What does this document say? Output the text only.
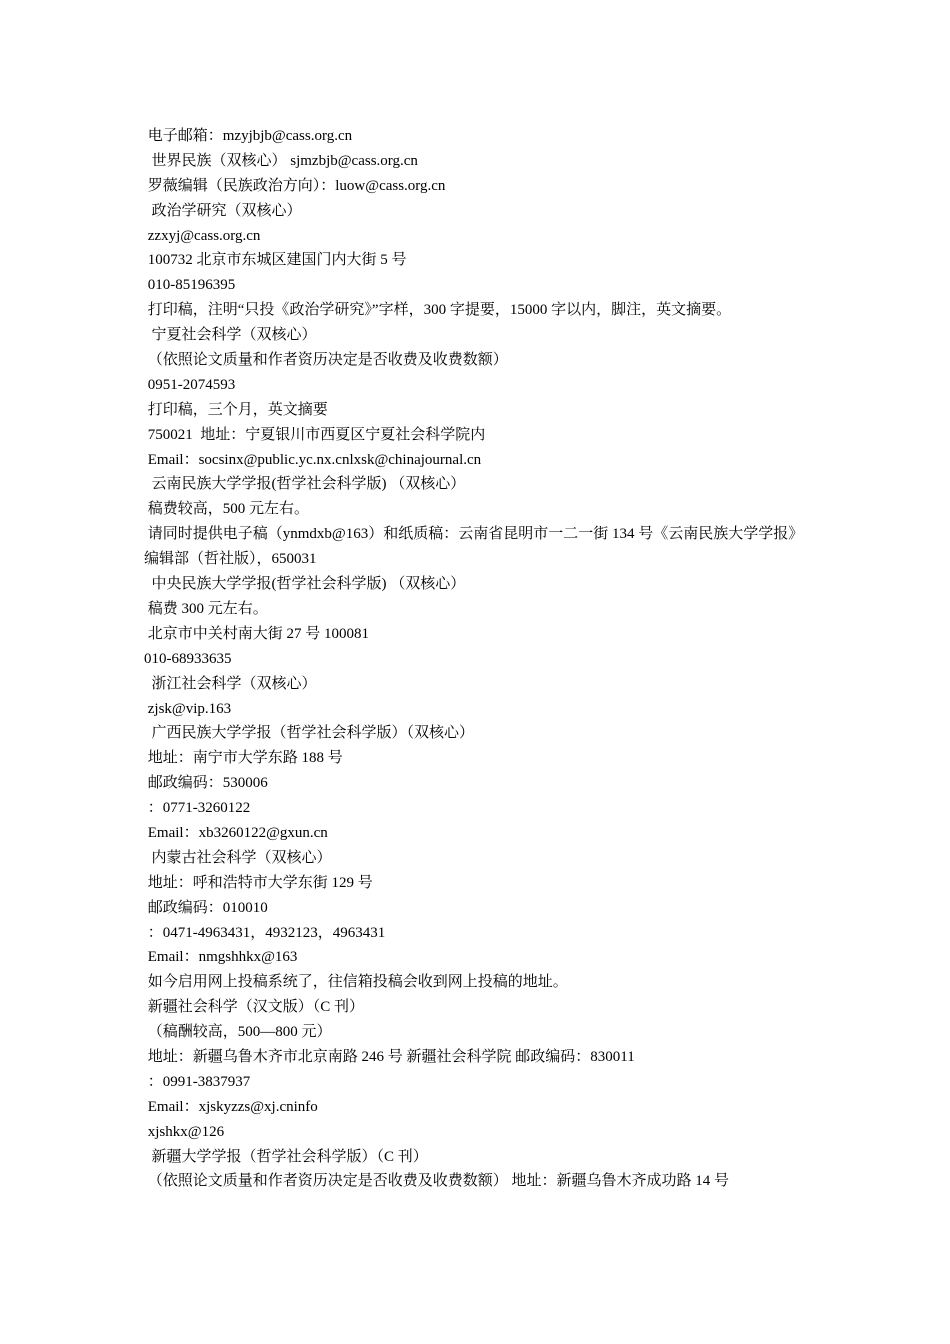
电子邮箱：mzyjbjb@cass.org.cn
世界民族（双核心） sjmzbjb@cass.org.cn
罗薇编辑（民族政治方向）：luow@cass.org.cn
政治学研究（双核心）
zzxyj@cass.org.cn
100732 北京市东城区建国门内大街 5 号
010-85196395
打印稿，注明“只投《政治学研究》”字样，300 字提要，15000 字以内，脚注，英文摘要。
宁夏社会科学（双核心）
（依照论文质量和作者资历决定是否收费及收费数额）
0951-2074593
打印稿，三个月，英文摘要
750021  地址：宁夏银川市西夏区宁夏社会科学院内
Email：socsinx@public.yc.nx.cnlxsk@chinajournal.cn
云南民族大学学报(哲学社会科学版) （双核心）
稿费较高，500 元左右。
请同时提供电子稿（ynmdxb@163）和纸质稿：云南省昆明市一二一街 134 号《云南民族大学学报》编辑部（哲社版），650031
中央民族大学学报(哲学社会科学版) （双核心）
稿费 300 元左右。
北京市中关村南大街 27 号 100081
010-68933635
浙江社会科学（双核心）
zjsk@vip.163
广西民族大学学报（哲学社会科学版）（双核心）
地址：南宁市大学东路 188 号
邮政编码：530006
：0771-3260122
Email：xb3260122@gxun.cn
内蒙古社会科学（双核心）
地址：呼和浩特市大学东街 129 号
邮政编码：010010
：0471-4963431，4932123，4963431
Email：nmgshhkx@163
如今启用网上投稿系统了，往信箱投稿会收到网上投稿的地址。
新疆社会科学（汉文版）（C 刊）
（稿酬较高，500—800 元）
地址：新疆乌鲁木齐市北京南路 246 号 新疆社会科学院 邮政编码：830011
：0991-3837937
Email：xjskyzzs@xj.cninfo
xjshkx@126
新疆大学学报（哲学社会科学版）（C 刊）
（依照论文质量和作者资历决定是否收费及收费数额） 地址：新疆乌鲁木齐成功路 14 号
